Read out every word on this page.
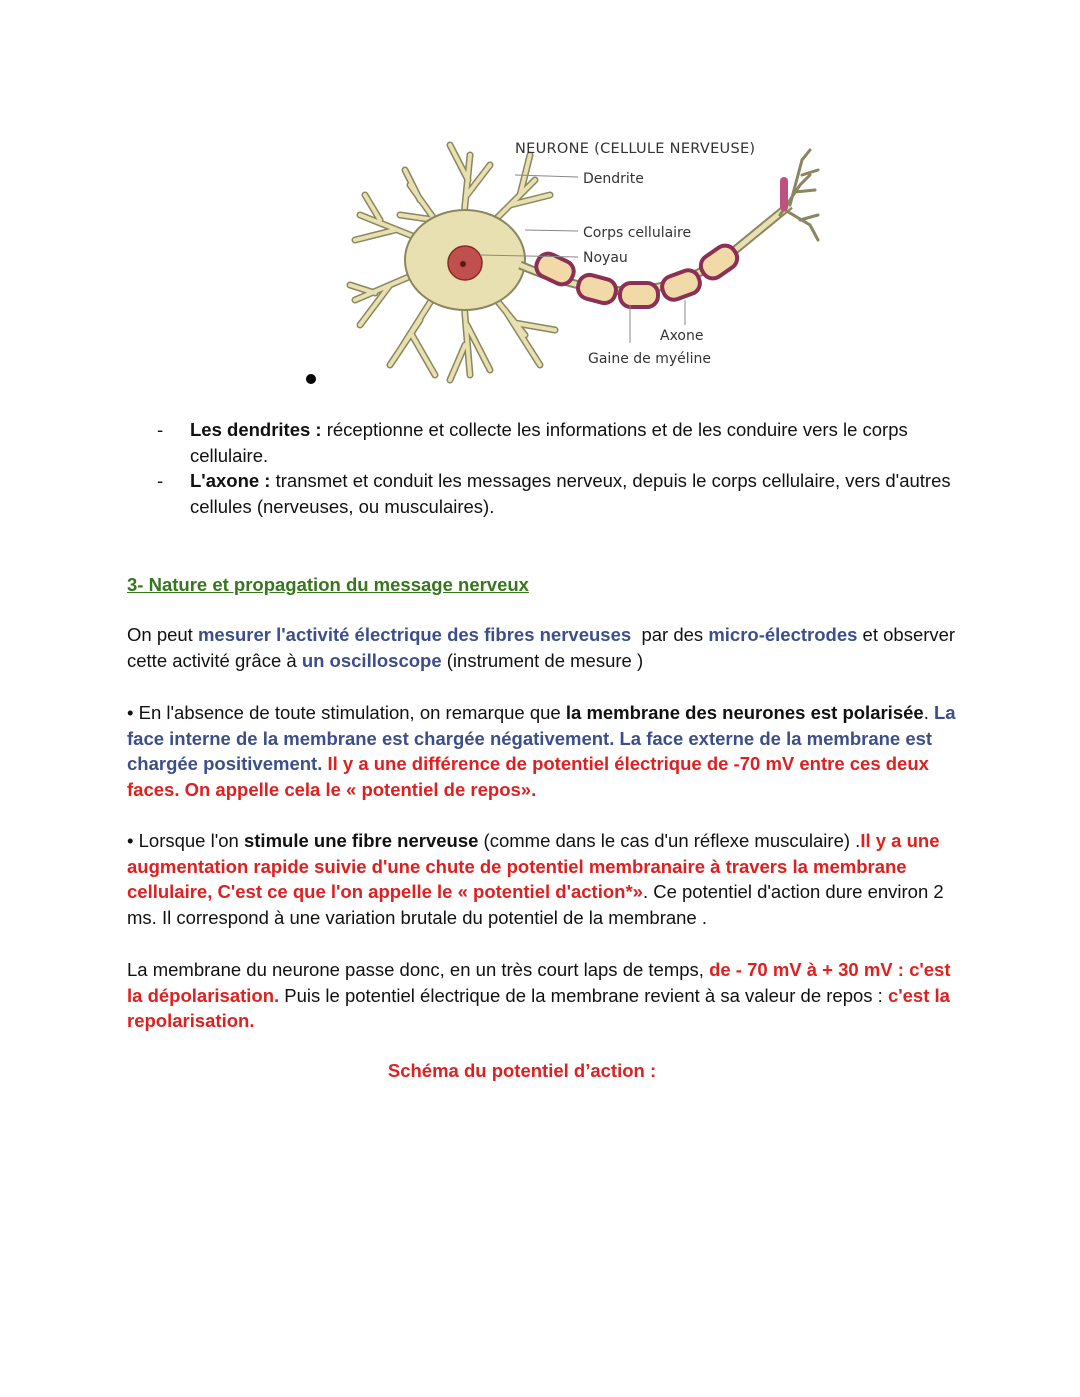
NEURONE (CELLULE NERVEUSE)
Dendrite
Corps cellulaire
Noyau
Axone
Gaine de myéline
- Les dendrites : réceptionne et collecte les informations et de les conduire vers le corps cellulaire.
- L'axone : transmet et conduit les messages nerveux, depuis le corps cellulaire, vers d'autres cellules (nerveuses, ou musculaires).
3- Nature et propagation du message nerveux
On peut mesurer l'activité électrique des fibres nerveuses  par des micro-électrodes et observer cette activité grâce à un oscilloscope (instrument de mesure )
• En l'absence de toute stimulation, on remarque que la membrane des neurones est polarisée. La face interne de la membrane est chargée négativement. La face externe de la membrane est chargée positivement. Il y a une différence de potentiel électrique de -70 mV entre ces deux faces. On appelle cela le « potentiel de repos».
• Lorsque l'on stimule une fibre nerveuse (comme dans le cas d'un réflexe musculaire) .Il y a une augmentation rapide suivie d'une chute de potentiel membranaire à travers la membrane cellulaire, C'est ce que l'on appelle le « potentiel d'action*». Ce potentiel d'action dure environ 2 ms. Il correspond à une variation brutale du potentiel de la membrane .
La membrane du neurone passe donc, en un très court laps de temps, de - 70 mV à + 30 mV : c'est la dépolarisation. Puis le potentiel électrique de la membrane revient à sa valeur de repos : c'est la repolarisation.
Schéma du potentiel d’action :
